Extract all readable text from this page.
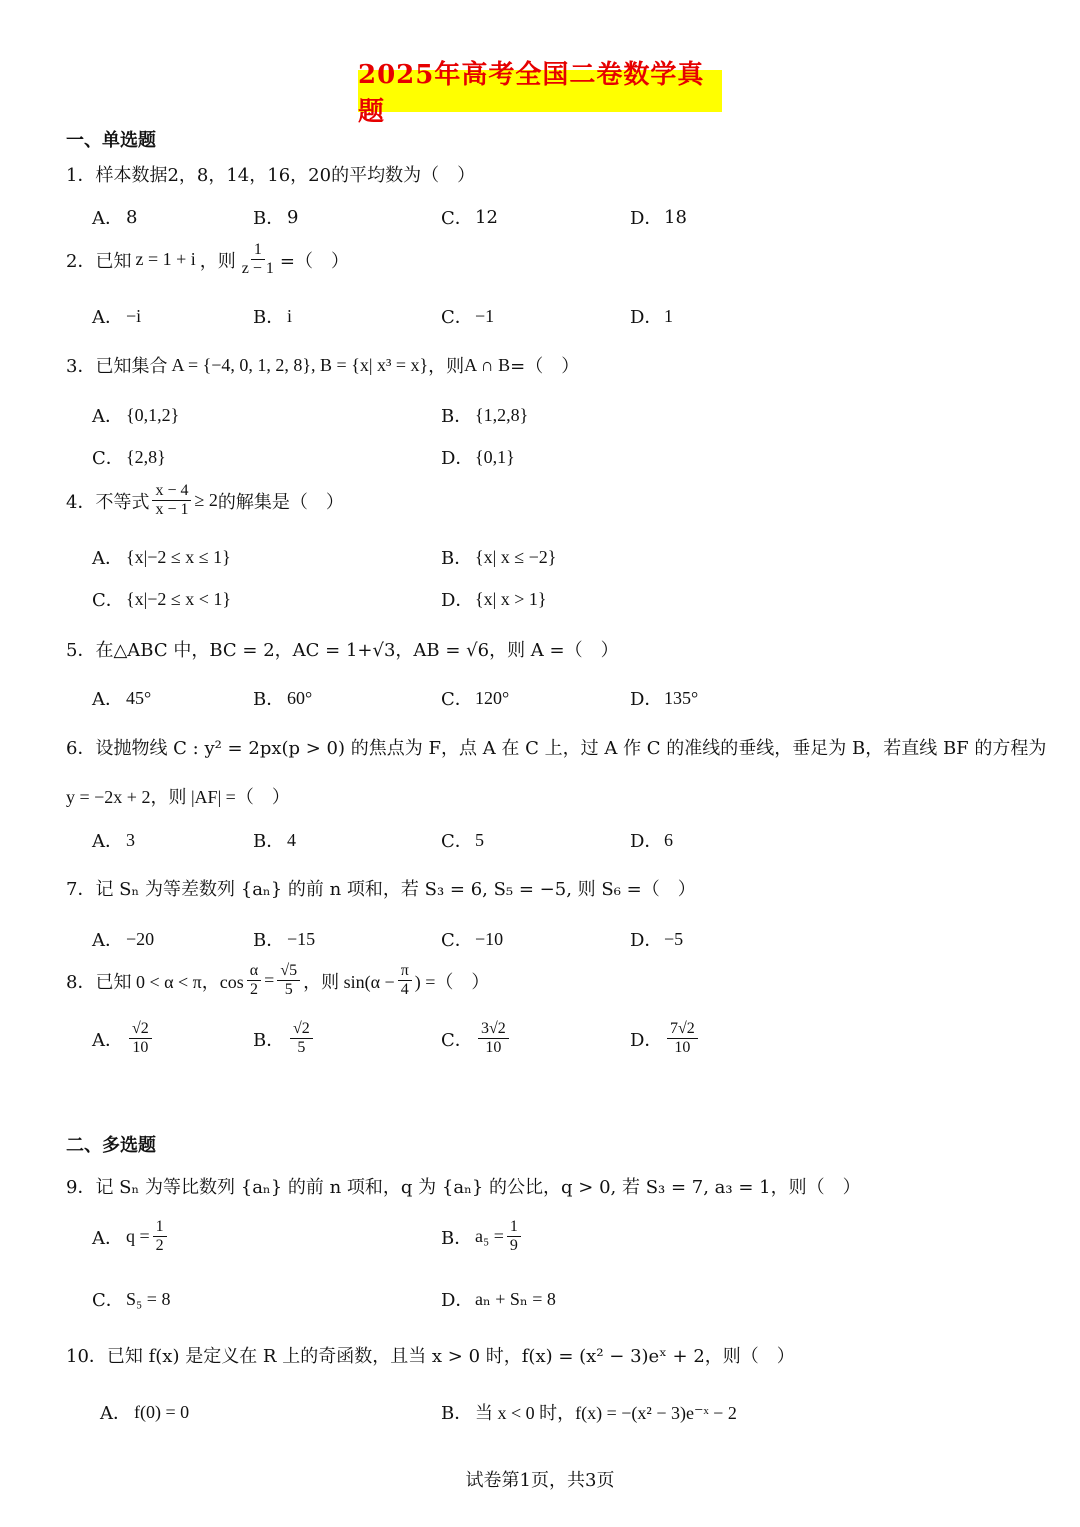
2025年高考全国二卷数学真题
一、单选题
1． 样本数据2，8，14，16，20的平均数为（　）
A． 8	B． 9	C． 12	D． 18
2． 已知 z = 1 + i ，则 $\frac{1}{z - 1}$ =（　）
A． −i	B． i	C． −1	D． 1
3． 已知集合 A = {−4, 0, 1, 2, 8}, B = {x| x³ = x} ，则 A ∩ B =（　）
A． {0,1,2}	B． {1,2,8}
C． {2,8}	D． {0,1}
4． 不等式 $\frac{x - 4}{x - 1} \ge 2$ 的解集是（　）
A． {x|−2 ≤ x ≤ 1}	B． {x| x ≤ −2}
C． {x|−2 ≤ x < 1}	D． {x| x > 1}
5． 在△ABC 中，BC = 2，AC = 1+√3，AB = √6，则 A =（　）
A． 45°	B． 60°	C． 120°	D． 135°
6． 设抛物线 C : y² = 2px(p > 0) 的焦点为 F，点 A 在 C 上，过 A 作 C 的准线的垂线，垂足为 B，若直线 BF 的方程为
y = −2x + 2，则 |AF| =（　）
A． 3	B． 4	C． 5	D． 6
7． 记 Sₙ 为等差数列 {aₙ} 的前 n 项和，若 S₃ = 6, S₅ = −5, 则 S₆ =（　）
A． −20	B． −15	C． −10	D． −5
8． 已知 0 < α < π，$\cos \frac{\alpha}{2} = \frac{√5}{5}$ ，则 $\sin(\alpha - \frac{\pi}{4}$ ) =（　）
A． $\frac{√2}{10}$	B． $\frac{√2}{5}$	C． $\frac{3√2}{10}$	D． $\frac{7√2}{10}$
二、多选题
9． 记 Sₙ 为等比数列 {aₙ} 的前 n 项和，q 为 {aₙ} 的公比，q > 0, 若 S₃ = 7, a₃ = 1，则（　）
A． $q = \frac{1}{2}$	B． $a_5 = \frac{1}{9}$
C． S₅ = 8	D． aₙ + Sₙ = 8
10． 已知 f(x) 是定义在 R 上的奇函数，且当 x > 0 时，f(x) = (x² − 3)eˣ + 2，则（　）
A． f(0) = 0	B． 当 x < 0 时，f(x) = −(x² − 3)e⁻ˣ − 2
试卷第1页，共3页
